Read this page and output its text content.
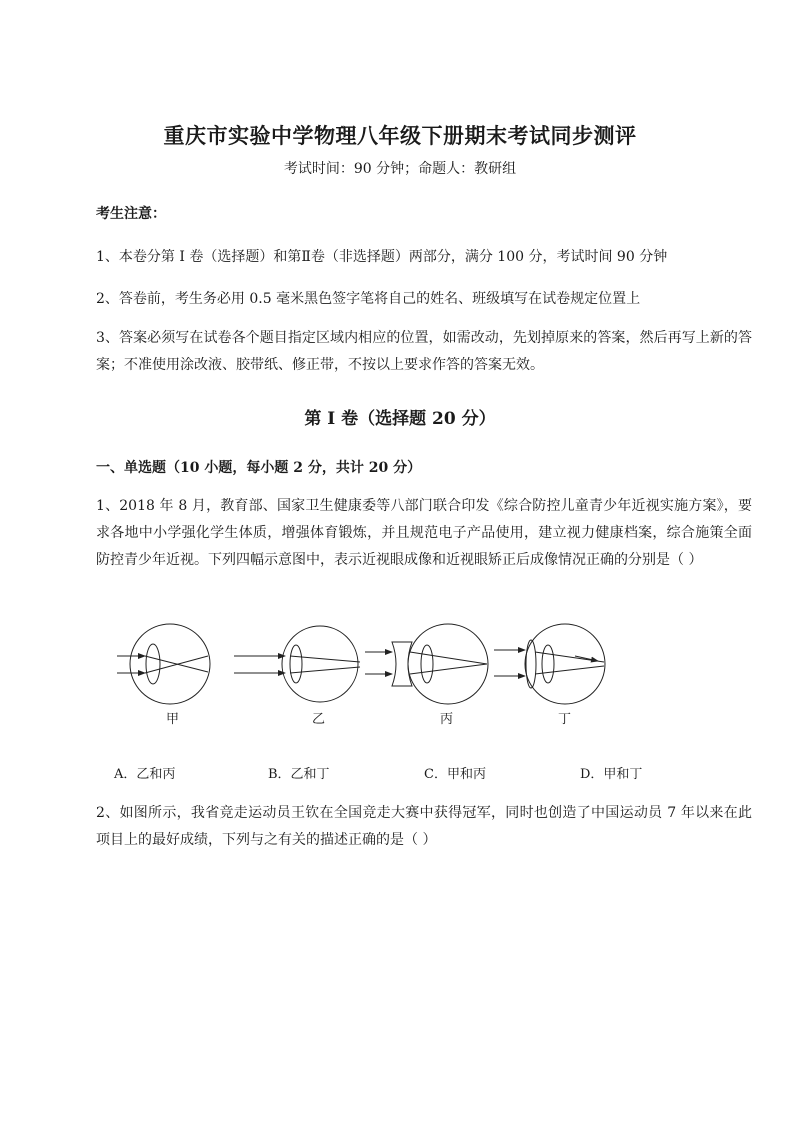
重庆市实验中学物理八年级下册期末考试同步测评
考试时间：90 分钟；命题人：教研组
考生注意：
1、本卷分第 I 卷（选择题）和第Ⅱ卷（非选择题）两部分，满分 100 分，考试时间 90 分钟
2、答卷前，考生务必用 0.5 毫米黑色签字笔将自己的姓名、班级填写在试卷规定位置上
3、答案必须写在试卷各个题目指定区域内相应的位置，如需改动，先划掉原来的答案，然后再写上新的答案；不准使用涂改液、胶带纸、修正带，不按以上要求作答的答案无效。
第 I 卷（选择题 20 分）
一、单选题（10 小题，每小题 2 分，共计 20 分）
1、2018 年 8 月，教育部、国家卫生健康委等八部门联合印发《综合防控儿童青少年近视实施方案》，要求各地中小学强化学生体质，增强体育锻炼，并且规范电子产品使用，建立视力健康档案，综合施策全面防控青少年近视。下列四幅示意图中，表示近视眼成像和近视眼矫正后成像情况正确的分别是（ ）
甲	乙	丙	丁
A．乙和丙	B．乙和丁	C．甲和丙	D．甲和丁
2、如图所示，我省竞走运动员王钦在全国竞走大赛中获得冠军，同时也创造了中国运动员 7 年以来在此项目上的最好成绩，下列与之有关的描述正确的是（ ）
